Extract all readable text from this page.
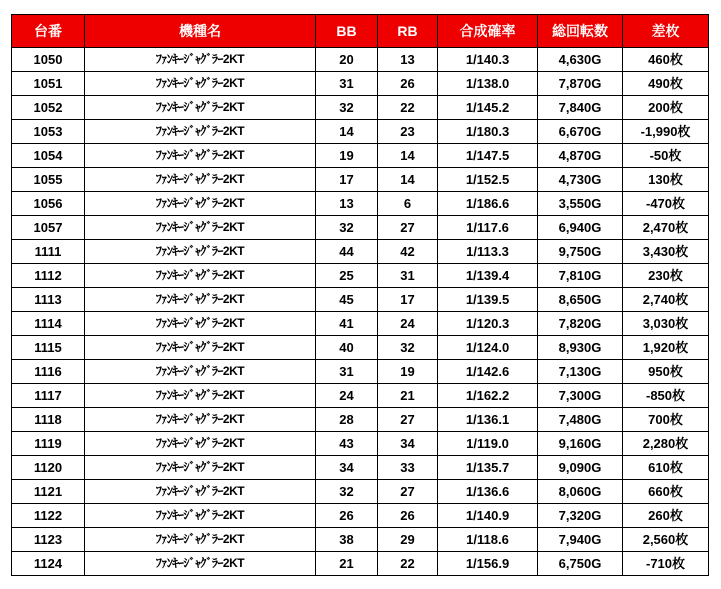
台番	機種名	BB	RB	合成確率	総回転数	差枚
1050	ﾌｧﾝｷｰｼﾞｬｸﾞﾗｰ2KT	20	13	1/140.3	4,630G	460枚
1051	ﾌｧﾝｷｰｼﾞｬｸﾞﾗｰ2KT	31	26	1/138.0	7,870G	490枚
1052	ﾌｧﾝｷｰｼﾞｬｸﾞﾗｰ2KT	32	22	1/145.2	7,840G	200枚
1053	ﾌｧﾝｷｰｼﾞｬｸﾞﾗｰ2KT	14	23	1/180.3	6,670G	-1,990枚
1054	ﾌｧﾝｷｰｼﾞｬｸﾞﾗｰ2KT	19	14	1/147.5	4,870G	-50枚
1055	ﾌｧﾝｷｰｼﾞｬｸﾞﾗｰ2KT	17	14	1/152.5	4,730G	130枚
1056	ﾌｧﾝｷｰｼﾞｬｸﾞﾗｰ2KT	13	6	1/186.6	3,550G	-470枚
1057	ﾌｧﾝｷｰｼﾞｬｸﾞﾗｰ2KT	32	27	1/117.6	6,940G	2,470枚
1111	ﾌｧﾝｷｰｼﾞｬｸﾞﾗｰ2KT	44	42	1/113.3	9,750G	3,430枚
1112	ﾌｧﾝｷｰｼﾞｬｸﾞﾗｰ2KT	25	31	1/139.4	7,810G	230枚
1113	ﾌｧﾝｷｰｼﾞｬｸﾞﾗｰ2KT	45	17	1/139.5	8,650G	2,740枚
1114	ﾌｧﾝｷｰｼﾞｬｸﾞﾗｰ2KT	41	24	1/120.3	7,820G	3,030枚
1115	ﾌｧﾝｷｰｼﾞｬｸﾞﾗｰ2KT	40	32	1/124.0	8,930G	1,920枚
1116	ﾌｧﾝｷｰｼﾞｬｸﾞﾗｰ2KT	31	19	1/142.6	7,130G	950枚
1117	ﾌｧﾝｷｰｼﾞｬｸﾞﾗｰ2KT	24	21	1/162.2	7,300G	-850枚
1118	ﾌｧﾝｷｰｼﾞｬｸﾞﾗｰ2KT	28	27	1/136.1	7,480G	700枚
1119	ﾌｧﾝｷｰｼﾞｬｸﾞﾗｰ2KT	43	34	1/119.0	9,160G	2,280枚
1120	ﾌｧﾝｷｰｼﾞｬｸﾞﾗｰ2KT	34	33	1/135.7	9,090G	610枚
1121	ﾌｧﾝｷｰｼﾞｬｸﾞﾗｰ2KT	32	27	1/136.6	8,060G	660枚
1122	ﾌｧﾝｷｰｼﾞｬｸﾞﾗｰ2KT	26	26	1/140.9	7,320G	260枚
1123	ﾌｧﾝｷｰｼﾞｬｸﾞﾗｰ2KT	38	29	1/118.6	7,940G	2,560枚
1124	ﾌｧﾝｷｰｼﾞｬｸﾞﾗｰ2KT	21	22	1/156.9	6,750G	-710枚
